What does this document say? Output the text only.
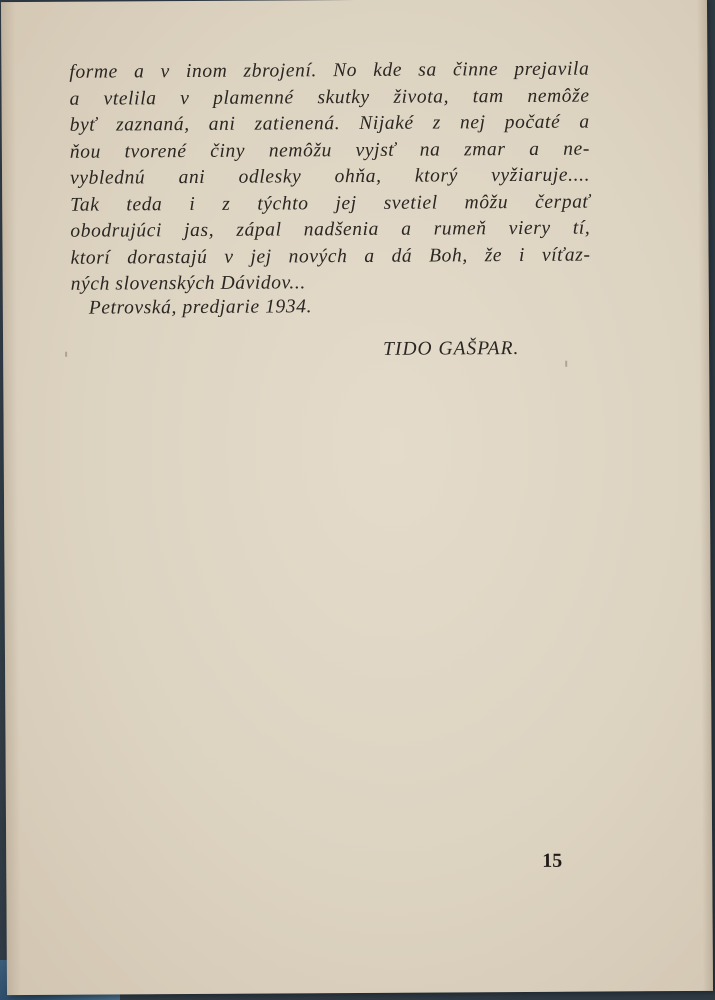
forme a v inom zbrojení. No kde sa činne prejavila
a vtelila v plamenné skutky života, tam nemôže
byť zaznaná, ani zatienená. Nijaké z nej počaté a
ňou tvorené činy nemôžu vyjsť na zmar a ne-
vyblednú ani odlesky ohňa, ktorý vyžiaruje....
Tak teda i z týchto jej svetiel môžu čerpať
obodrujúci jas, zápal nadšenia a rumeň viery tí,
ktorí dorastajú v jej nových a dá Boh, že i víťaz-
ných slovenských Dávidov...
Petrovská, predjarie 1934.
TIDO GAŠPAR.
15
